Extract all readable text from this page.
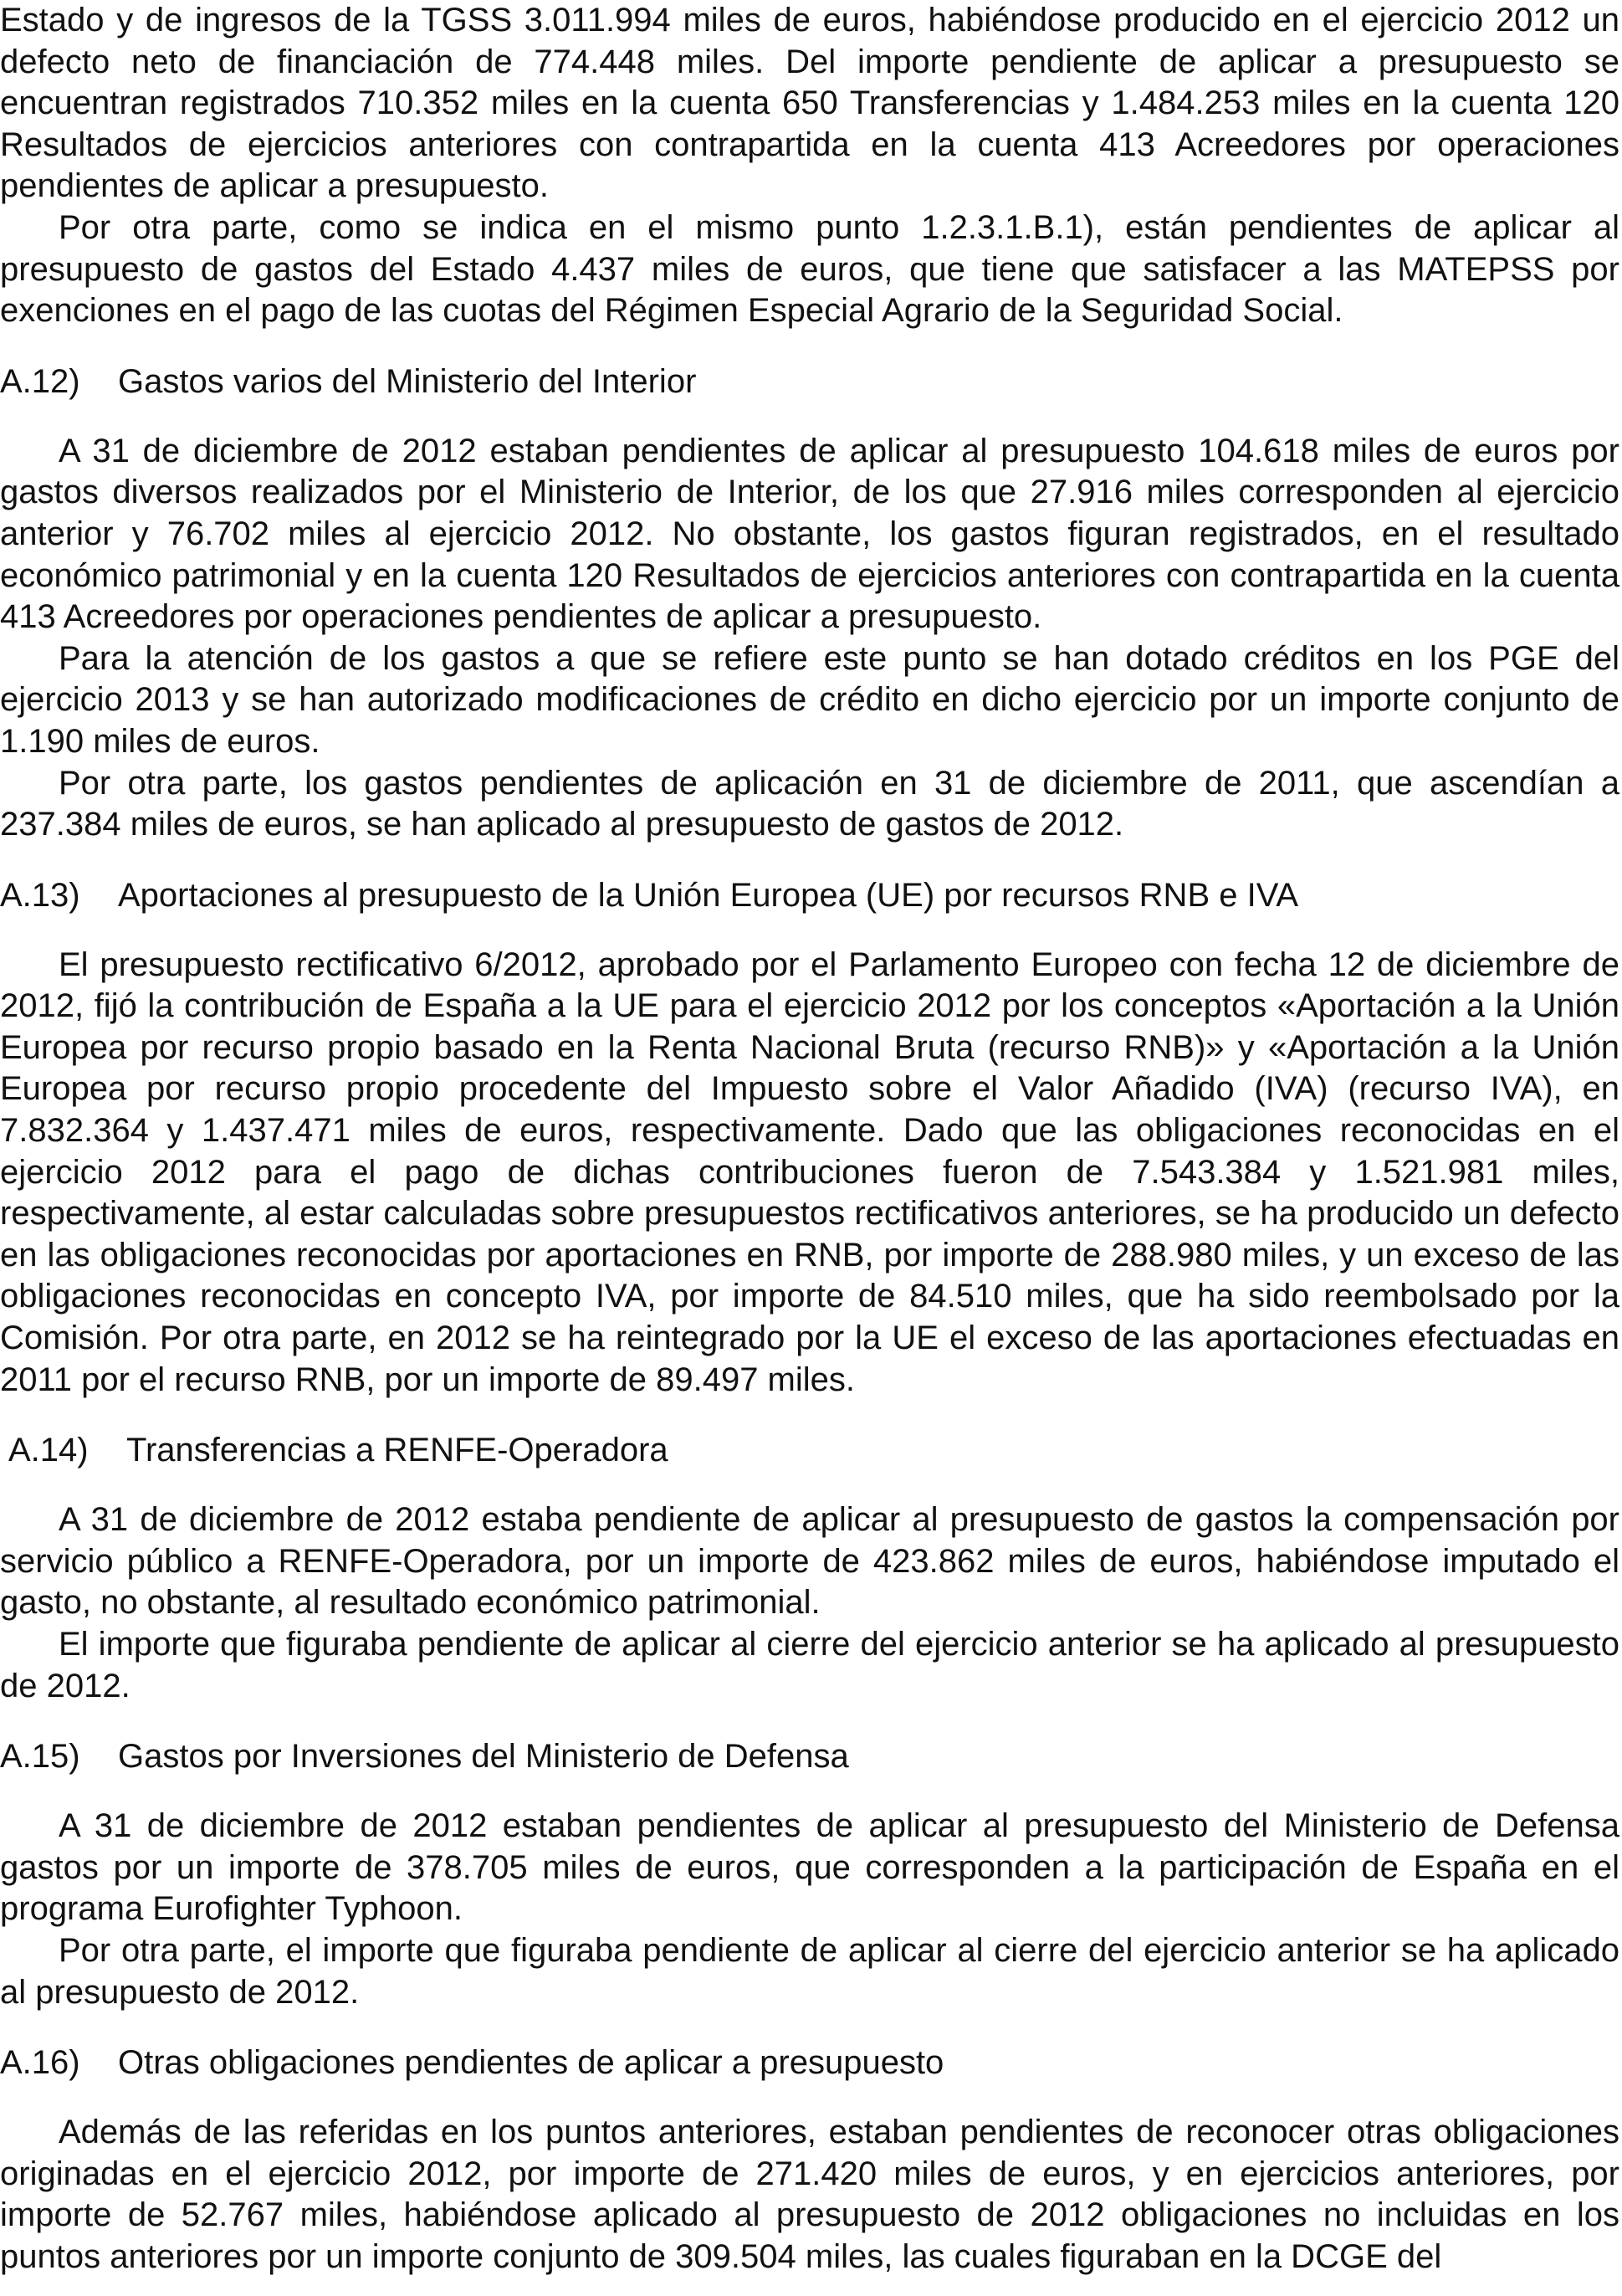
Estado y de ingresos de la TGSS 3.011.994 miles de euros, habiéndose producido en el ejercicio 2012 un defecto neto de financiación de 774.448 miles. Del importe pendiente de aplicar a presupuesto se encuentran registrados 710.352 miles en la cuenta 650 Transferencias y 1.484.253 miles en la cuenta 120 Resultados de ejercicios anteriores con contrapartida en la cuenta 413 Acreedores por operaciones pendientes de aplicar a presupuesto.

Por otra parte, como se indica en el mismo punto 1.2.3.1.B.1), están pendientes de aplicar al presupuesto de gastos del Estado 4.437 miles de euros, que tiene que satisfacer a las MATEPSS por exenciones en el pago de las cuotas del Régimen Especial Agrario de la Seguridad Social.

A.12)	Gastos varios del Ministerio del Interior

A 31 de diciembre de 2012 estaban pendientes de aplicar al presupuesto 104.618 miles de euros por gastos diversos realizados por el Ministerio de Interior, de los que 27.916 miles corresponden al ejercicio anterior y 76.702 miles al ejercicio 2012. No obstante, los gastos figuran registrados, en el resultado económico patrimonial y en la cuenta 120 Resultados de ejercicios anteriores con contrapartida en la cuenta 413 Acreedores por operaciones pendientes de aplicar a presupuesto.

Para la atención de los gastos a que se refiere este punto se han dotado créditos en los PGE del ejercicio 2013 y se han autorizado modificaciones de crédito en dicho ejercicio por un importe conjunto de 1.190 miles de euros.

Por otra parte, los gastos pendientes de aplicación en 31 de diciembre de 2011, que ascendían a 237.384 miles de euros, se han aplicado al presupuesto de gastos de 2012.

A.13)	Aportaciones al presupuesto de la Unión Europea (UE) por recursos RNB e IVA

El presupuesto rectificativo 6/2012, aprobado por el Parlamento Europeo con fecha 12 de diciembre de 2012, fijó la contribución de España a la UE para el ejercicio 2012 por los conceptos «Aportación a la Unión Europea por recurso propio basado en la Renta Nacional Bruta (recurso RNB)» y «Aportación a la Unión Europea por recurso propio procedente del Impuesto sobre el Valor Añadido (IVA) (recurso IVA), en 7.832.364 y 1.437.471 miles de euros, respectivamente. Dado que las obligaciones reconocidas en el ejercicio 2012 para el pago de dichas contribuciones fueron de 7.543.384 y 1.521.981 miles, respectivamente, al estar calculadas sobre presupuestos rectificativos anteriores, se ha producido un defecto en las obligaciones reconocidas por aportaciones en RNB, por importe de 288.980 miles, y un exceso de las obligaciones reconocidas en concepto IVA, por importe de 84.510 miles, que ha sido reembolsado por la Comisión. Por otra parte, en 2012 se ha reintegrado por la UE el exceso de las aportaciones efectuadas en 2011 por el recurso RNB, por un importe de 89.497 miles.

A.14)	Transferencias a RENFE-Operadora

A 31 de diciembre de 2012 estaba pendiente de aplicar al presupuesto de gastos la compensación por servicio público a RENFE-Operadora, por un importe de 423.862 miles de euros, habiéndose imputado el gasto, no obstante, al resultado económico patrimonial.

El importe que figuraba pendiente de aplicar al cierre del ejercicio anterior se ha aplicado al presupuesto de 2012.

A.15)	Gastos por Inversiones del Ministerio de Defensa

A 31 de diciembre de 2012 estaban pendientes de aplicar al presupuesto del Ministerio de Defensa gastos por un importe de 378.705 miles de euros, que corresponden a la participación de España en el programa Eurofighter Typhoon.

Por otra parte, el importe que figuraba pendiente de aplicar al cierre del ejercicio anterior se ha aplicado al presupuesto de 2012.

A.16)	Otras obligaciones pendientes de aplicar a presupuesto

Además de las referidas en los puntos anteriores, estaban pendientes de reconocer otras obligaciones originadas en el ejercicio 2012, por importe de 271.420 miles de euros, y en ejercicios anteriores, por importe de 52.767 miles, habiéndose aplicado al presupuesto de 2012 obligaciones no incluidas en los puntos anteriores por un importe conjunto de 309.504 miles, las cuales figuraban en la DCGE del
